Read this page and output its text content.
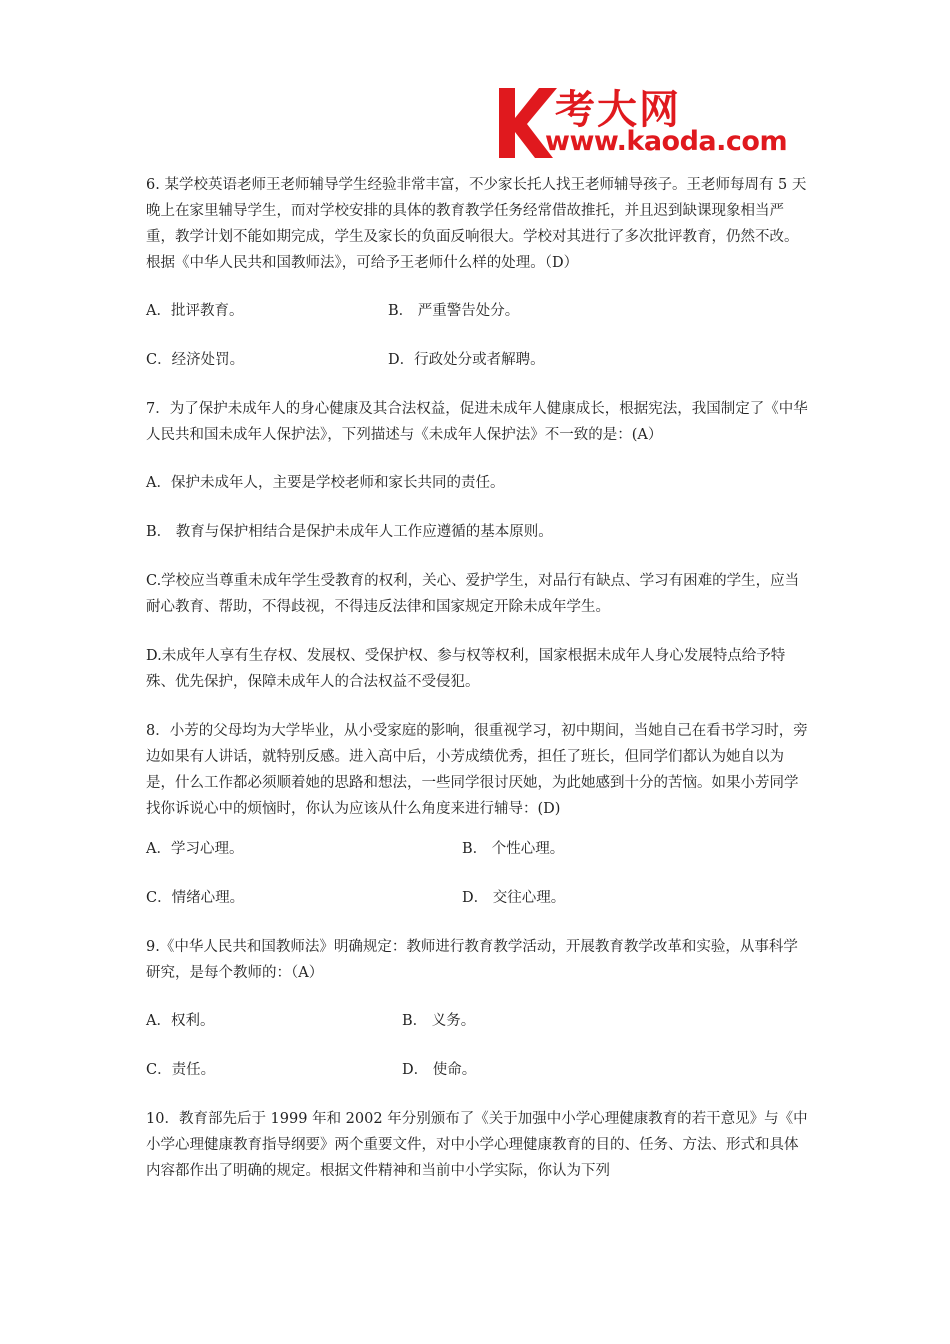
考大网
www.kaoda.com

6. 某学校英语老师王老师辅导学生经验非常丰富，不少家长托人找王老师辅导孩子。王老师每周有 5 天晚上在家里辅导学生，而对学校安排的具体的教育教学任务经常借故推托，并且迟到缺课现象相当严重，教学计划不能如期完成，学生及家长的负面反响很大。学校对其进行了多次批评教育，仍然不改。根据《中华人民共和国教师法》，可给予王老师什么样的处理。（D）

A．批评教育。	B． 严重警告处分。
C．经济处罚。	D．行政处分或者解聘。

7．为了保护未成年人的身心健康及其合法权益，促进未成年人健康成长，根据宪法，我国制定了《中华人民共和国未成年人保护法》，下列描述与《未成年人保护法》不一致的是：(A）

A．保护未成年人，主要是学校老师和家长共同的责任。

B． 教育与保护相结合是保护未成年人工作应遵循的基本原则。

C.学校应当尊重未成年学生受教育的权利，关心、爱护学生，对品行有缺点、学习有困难的学生，应当耐心教育、帮助，不得歧视，不得违反法律和国家规定开除未成年学生。

D.未成年人享有生存权、发展权、受保护权、参与权等权利，国家根据未成年人身心发展特点给予特殊、优先保护，保障未成年人的合法权益不受侵犯。

8．小芳的父母均为大学毕业，从小受家庭的影响，很重视学习，初中期间，当她自己在看书学习时，旁边如果有人讲话，就特别反感。进入高中后，小芳成绩优秀，担任了班长，但同学们都认为她自以为是，什么工作都必须顺着她的思路和想法，一些同学很讨厌她，为此她感到十分的苦恼。如果小芳同学找你诉说心中的烦恼时，你认为应该从什么角度来进行辅导：(D)

A．学习心理。	B． 个性心理。
C．情绪心理。	D． 交往心理。

9.《中华人民共和国教师法》明确规定：教师进行教育教学活动，开展教育教学改革和实验，从事科学研究，是每个教师的：（A）

A．权利。	B． 义务。
C．责任。	D． 使命。

10．教育部先后于 1999 年和 2002 年分别颁布了《关于加强中小学心理健康教育的若干意见》与《中小学心理健康教育指导纲要》两个重要文件，对中小学心理健康教育的目的、任务、方法、形式和具体内容都作出了明确的规定。根据文件精神和当前中小学实际，你认为下列
